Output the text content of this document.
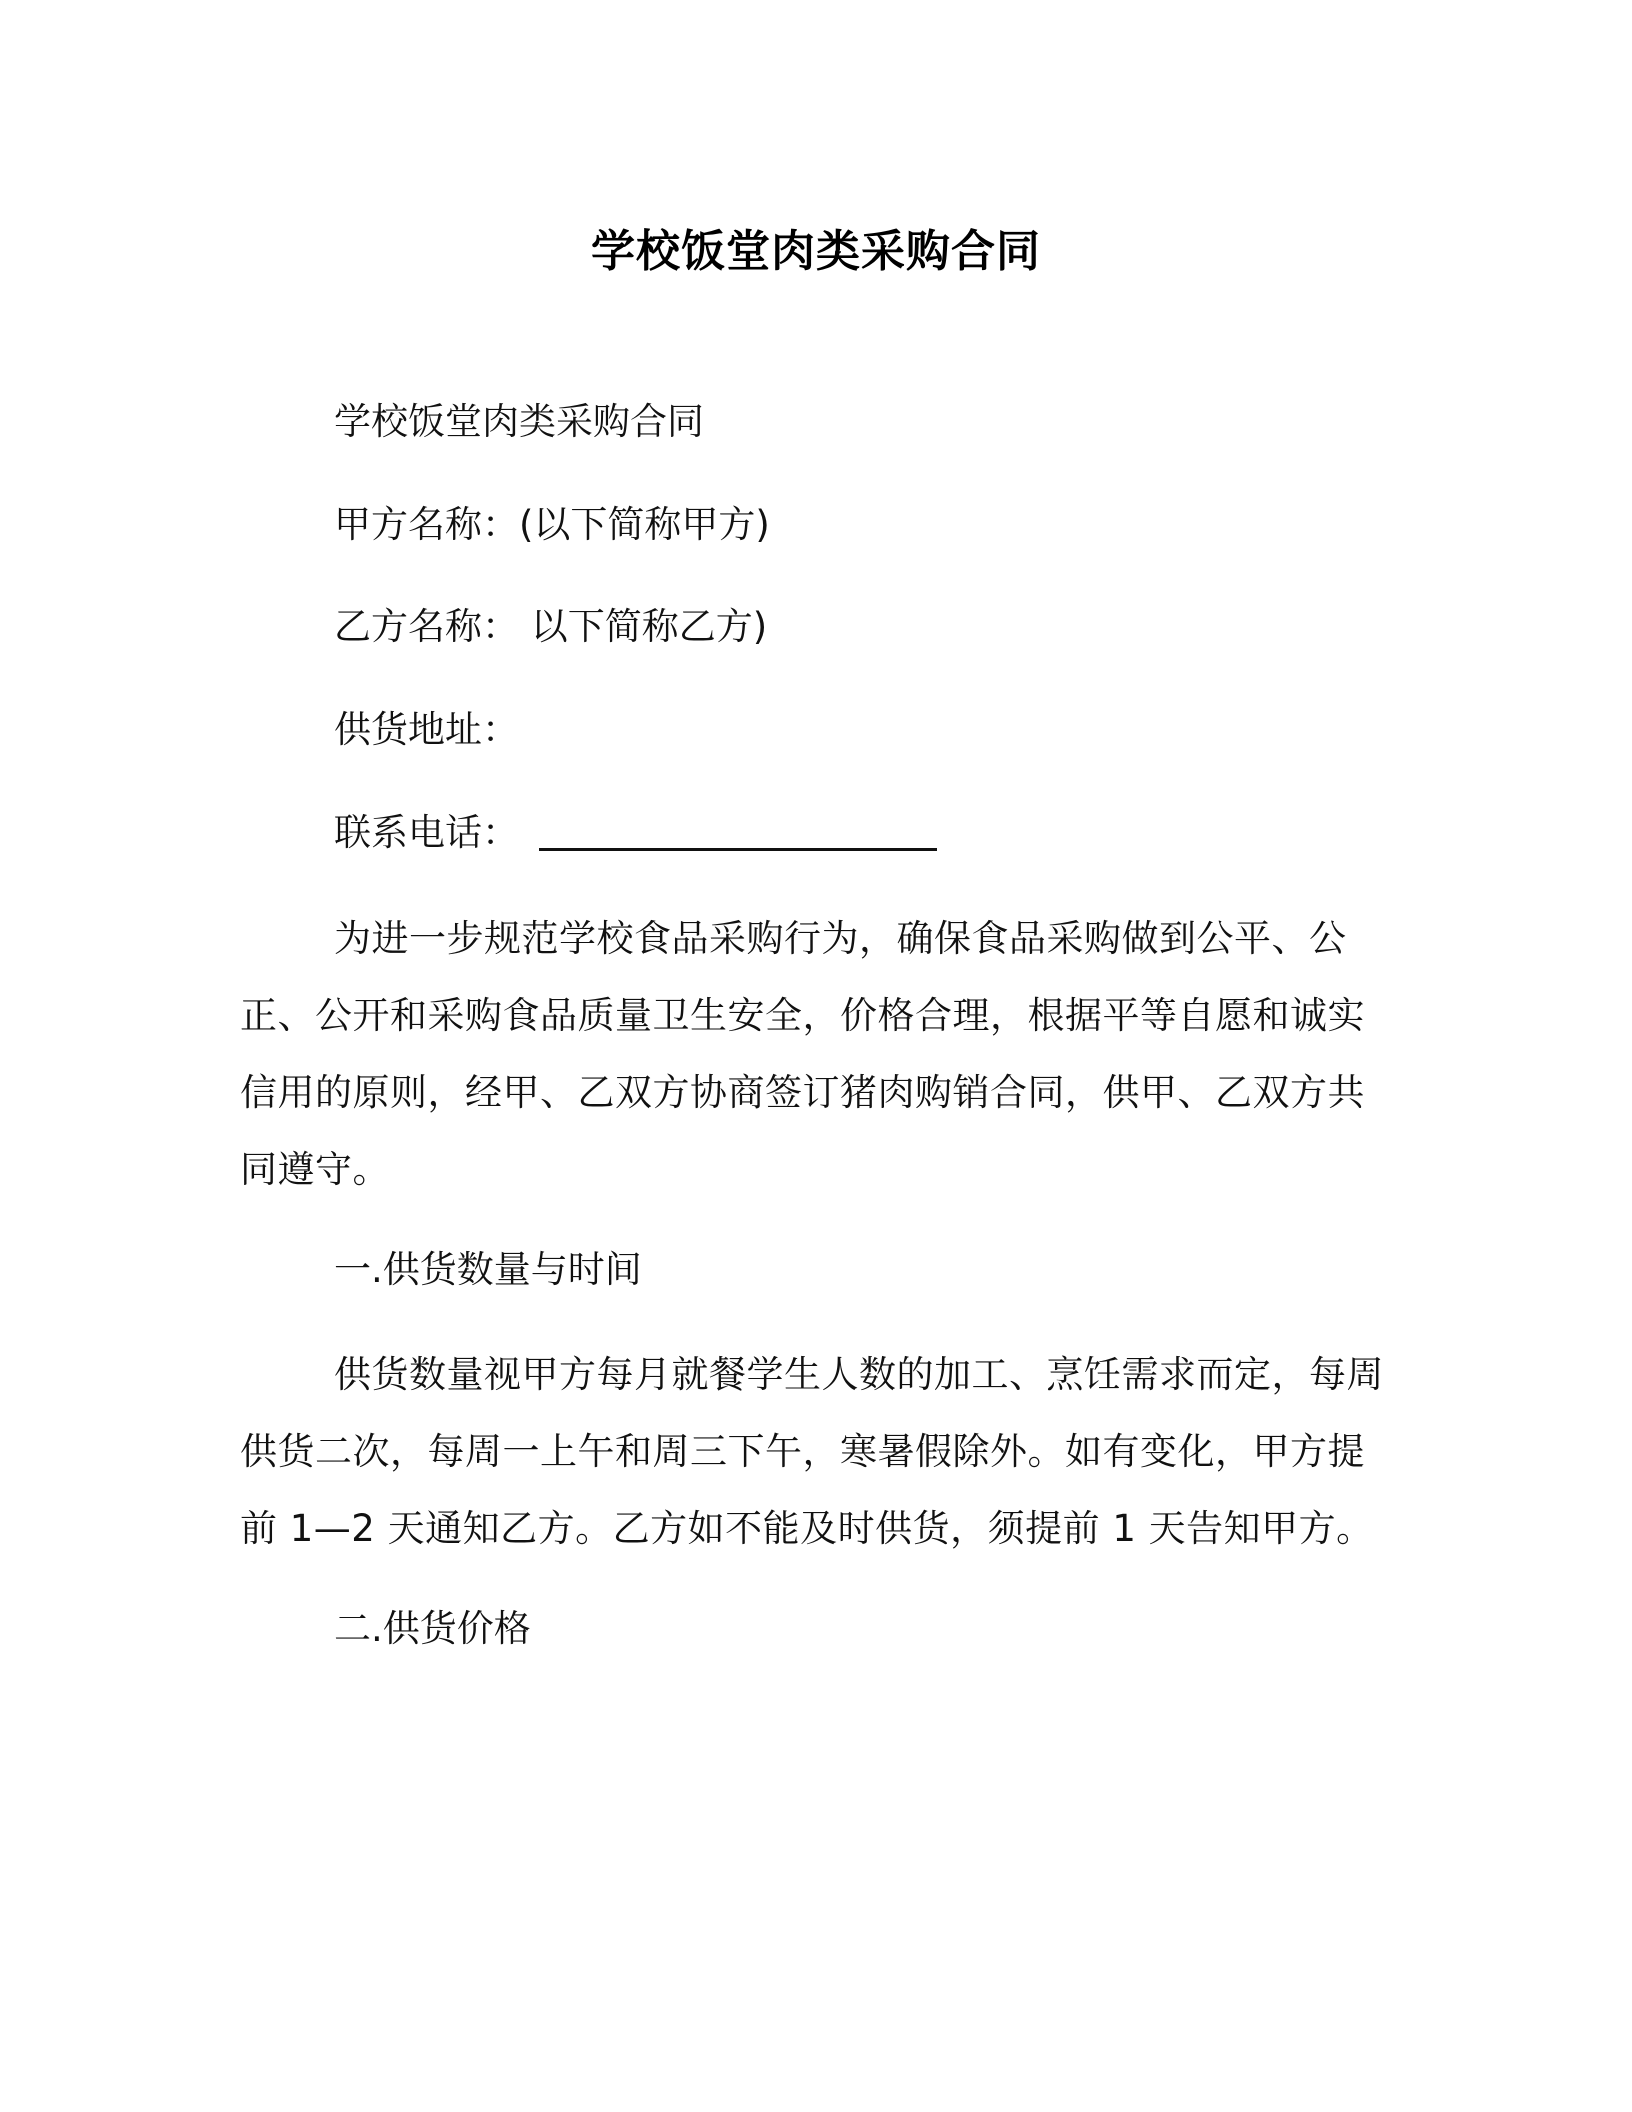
学校饭堂肉类采购合同
学校饭堂肉类采购合同
甲方名称：(以下简称甲方)
乙方名称： 以下简称乙方)
供货地址：
联系电话：
为进一步规范学校食品采购行为，确保食品采购做到公平、公正、公开和采购食品质量卫生安全，价格合理，根据平等自愿和诚实信用的原则，经甲、乙双方协商签订猪肉购销合同，供甲、乙双方共同遵守。
一.供货数量与时间
供货数量视甲方每月就餐学生人数的加工、烹饪需求而定，每周供货二次，每周一上午和周三下午，寒暑假除外。如有变化，甲方提前 1—2 天通知乙方。乙方如不能及时供货，须提前 1 天告知甲方。
二.供货价格
